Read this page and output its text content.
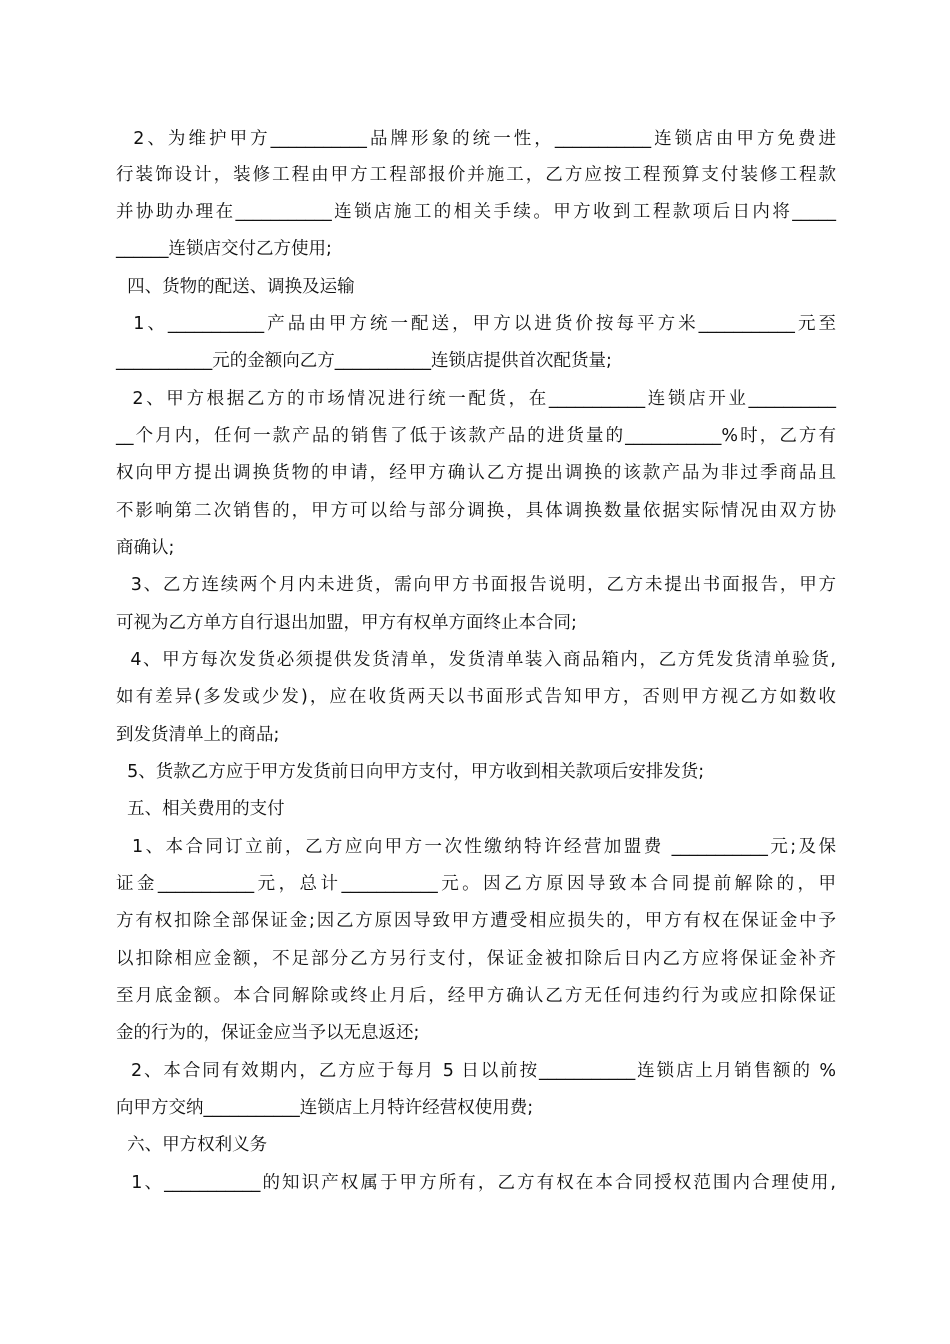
2、为维护甲方___________品牌形象的统一性，___________连锁店由甲方免费进

行装饰设计，装修工程由甲方工程部报价并施工，乙方应按工程预算支付装修工程款

并协助办理在___________连锁店施工的相关手续。甲方收到工程款项后日内将_____

______连锁店交付乙方使用;

四、货物的配送、调换及运输

1、___________产品由甲方统一配送，甲方以进货价按每平方米___________元至

___________元的金额向乙方___________连锁店提供首次配货量;

2、甲方根据乙方的市场情况进行统一配货，在___________连锁店开业__________

__个月内，任何一款产品的销售了低于该款产品的进货量的___________%时，乙方有

权向甲方提出调换货物的申请，经甲方确认乙方提出调换的该款产品为非过季商品且

不影响第二次销售的，甲方可以给与部分调换，具体调换数量依据实际情况由双方协

商确认;

3、乙方连续两个月内未进货，需向甲方书面报告说明，乙方未提出书面报告，甲方

可视为乙方单方自行退出加盟，甲方有权单方面终止本合同;

4、甲方每次发货必须提供发货清单，发货清单装入商品箱内，乙方凭发货清单验货,

如有差异(多发或少发)，应在收货两天以书面形式告知甲方，否则甲方视乙方如数收

到发货清单上的商品;

5、货款乙方应于甲方发货前日向甲方支付，甲方收到相关款项后安排发货;

五、相关费用的支付

1、本合同订立前，乙方应向甲方一次性缴纳特许经营加盟费 ___________元;及保

证金___________元，总计___________元。因乙方原因导致本合同提前解除的，甲

方有权扣除全部保证金;因乙方原因导致甲方遭受相应损失的，甲方有权在保证金中予

以扣除相应金额，不足部分乙方另行支付，保证金被扣除后日内乙方应将保证金补齐

至月底金额。本合同解除或终止月后，经甲方确认乙方无任何违约行为或应扣除保证

金的行为的，保证金应当予以无息返还;

2、本合同有效期内，乙方应于每月 5 日以前按___________连锁店上月销售额的 %

向甲方交纳___________连锁店上月特许经营权使用费;

六、甲方权利义务

1、___________的知识产权属于甲方所有，乙方有权在本合同授权范围内合理使用,
